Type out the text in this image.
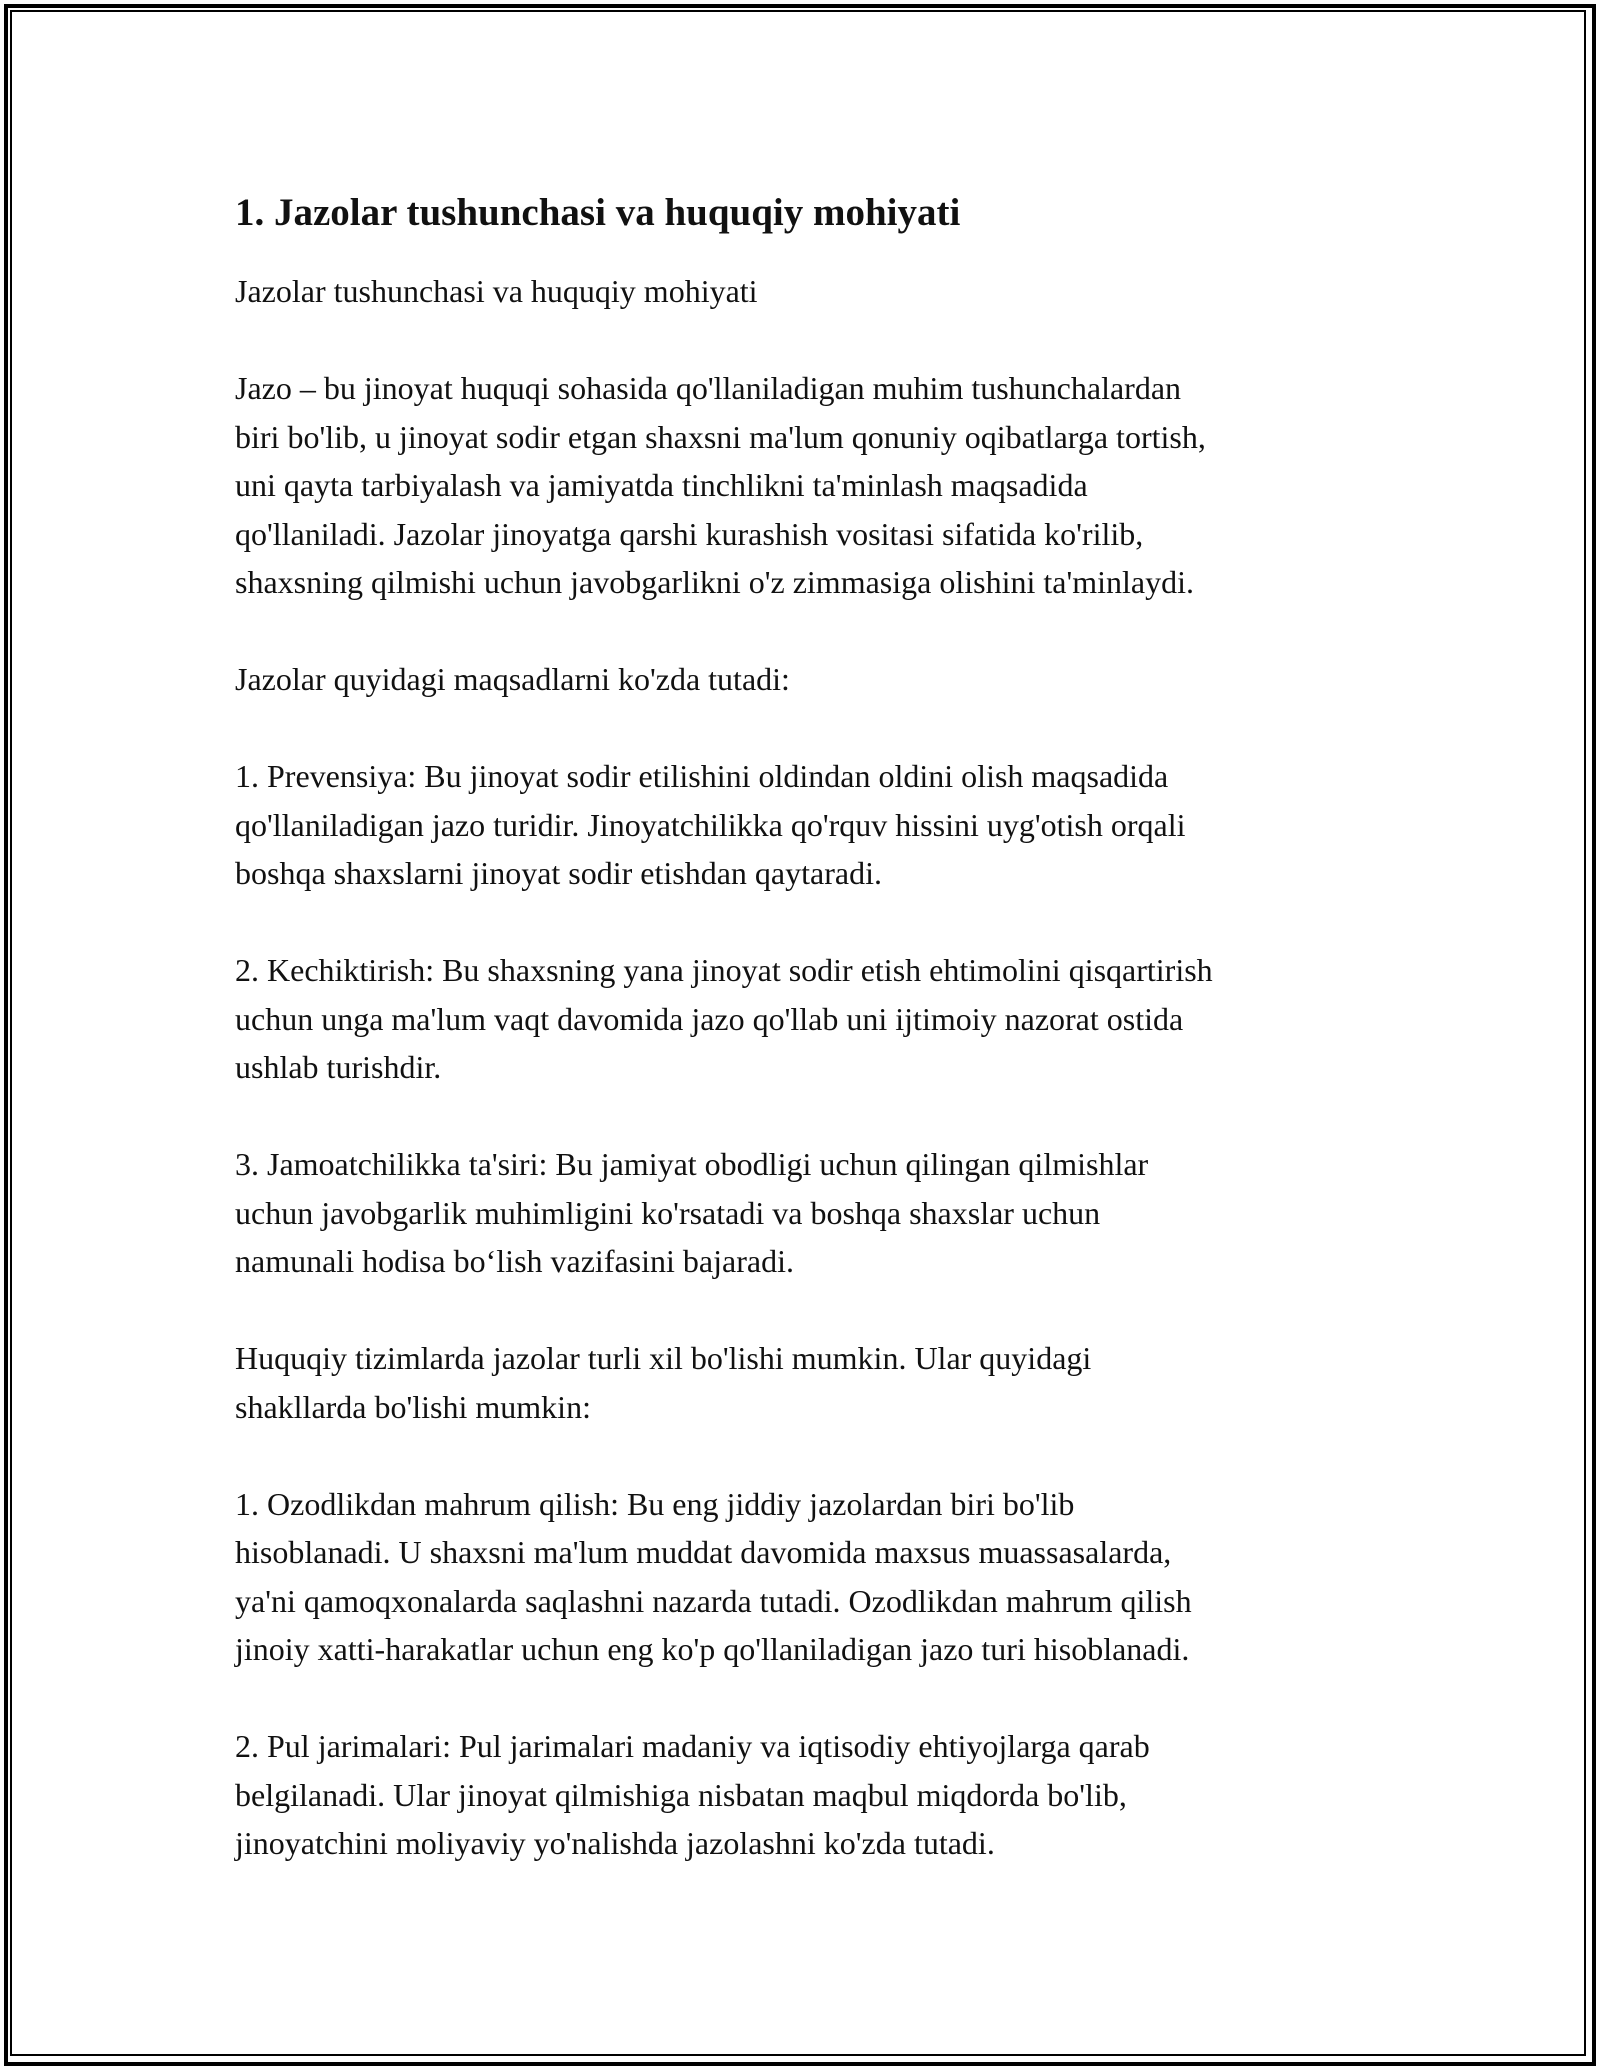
1. Jazolar tushunchasi va huquqiy mohiyati

Jazolar tushunchasi va huquqiy mohiyati

Jazo – bu jinoyat huquqi sohasida qo'llaniladigan muhim tushunchalardan
biri bo'lib, u jinoyat sodir etgan shaxsni ma'lum qonuniy oqibatlarga tortish,
uni qayta tarbiyalash va jamiyatda tinchlikni ta'minlash maqsadida
qo'llaniladi. Jazolar jinoyatga qarshi kurashish vositasi sifatida ko'rilib,
shaxsning qilmishi uchun javobgarlikni o'z zimmasiga olishini ta'minlaydi.

Jazolar quyidagi maqsadlarni ko'zda tutadi:

1. Prevensiya: Bu jinoyat sodir etilishini oldindan oldini olish maqsadida
qo'llaniladigan jazo turidir. Jinoyatchilikka qo'rquv hissini uyg'otish orqali
boshqa shaxslarni jinoyat sodir etishdan qaytaradi.

2. Kechiktirish: Bu shaxsning yana jinoyat sodir etish ehtimolini qisqartirish
uchun unga ma'lum vaqt davomida jazo qo'llab uni ijtimoiy nazorat ostida
ushlab turishdir.

3. Jamoatchilikka ta'siri: Bu jamiyat obodligi uchun qilingan qilmishlar
uchun javobgarlik muhimligini ko'rsatadi va boshqa shaxslar uchun
namunali hodisa bo‘lish vazifasini bajaradi.

Huquqiy tizimlarda jazolar turli xil bo'lishi mumkin. Ular quyidagi
shakllarda bo'lishi mumkin:

1. Ozodlikdan mahrum qilish: Bu eng jiddiy jazolardan biri bo'lib
hisoblanadi. U shaxsni ma'lum muddat davomida maxsus muassasalarda,
ya'ni qamoqxonalarda saqlashni nazarda tutadi. Ozodlikdan mahrum qilish
jinoiy xatti-harakatlar uchun eng ko'p qo'llaniladigan jazo turi hisoblanadi.

2. Pul jarimalari: Pul jarimalari madaniy va iqtisodiy ehtiyojlarga qarab
belgilanadi. Ular jinoyat qilmishiga nisbatan maqbul miqdorda bo'lib,
jinoyatchini moliyaviy yo'nalishda jazolashni ko'zda tutadi.
